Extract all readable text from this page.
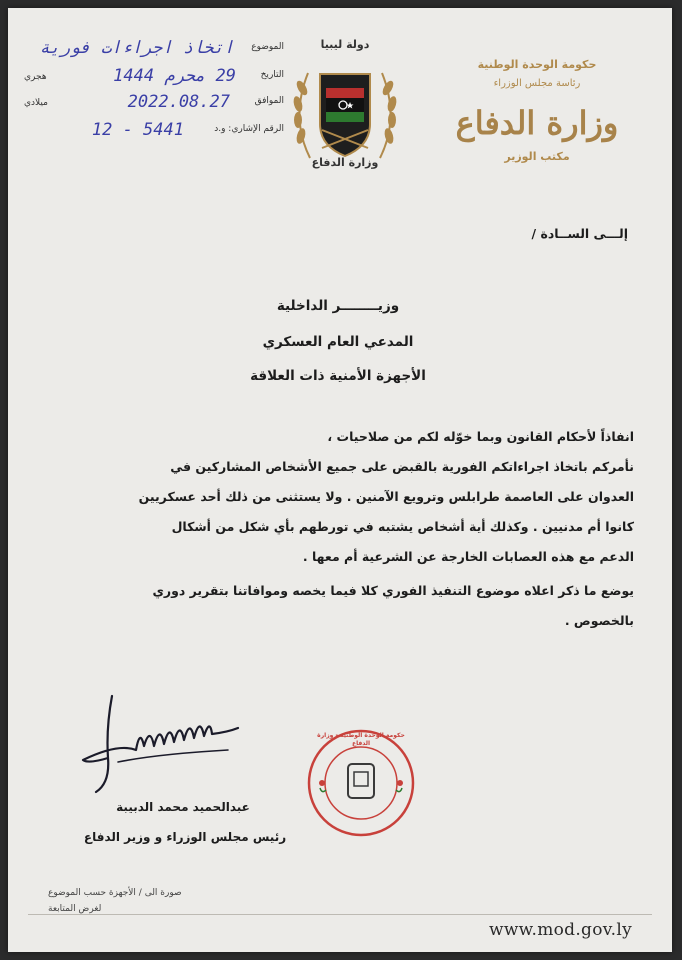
حكومة الوحدة الوطنية
رئاسة مجلس الوزراء
وزارة الدفاع
مكتب الوزير
دولة ليبيا
وزارة الدفاع
الموضوع
اتخاذ اجراءات فورية
التاريخ
29 محرم 1444
هجري
الموافق
2022.08.27
ميلادي
الرقم الإشاري: و.د
5441 - 12
إلـــى الســادة /
وزيــــــــر الداخلية
المدعي العام العسكري
الأجهزة الأمنية ذات العلاقة
انفاذاً لأحكام القانون وبما خوّله لكم من صلاحيات ،
نأمركم باتخاذ اجراءاتكم الفورية بالقبض على جميع الأشخاص المشاركين في
العدوان على العاصمة طرابلس وترويع الآمنين . ولا يستثنى من ذلك أحد عسكريين
كانوا أم مدنيين . وكذلك أية أشخاص يشتبه في تورطهم بأي شكل من أشكال
الدعم مع هذه العصابات الخارجة عن الشرعية أم معها .
يوضع ما ذكر اعلاه موضوع التنفيذ الفوري كلا فيما يخصه وموافاتنا بتقرير دوري
بالخصوص .
عبدالحميد محمد الدبيبة
رئيس مجلس الوزراء و وزير الدفاع
حكومة الوحدة الوطنية - وزارة الدفاع
صورة الى / الأجهزة حسب الموضوع
لغرض المتابعة
www.mod.gov.ly
